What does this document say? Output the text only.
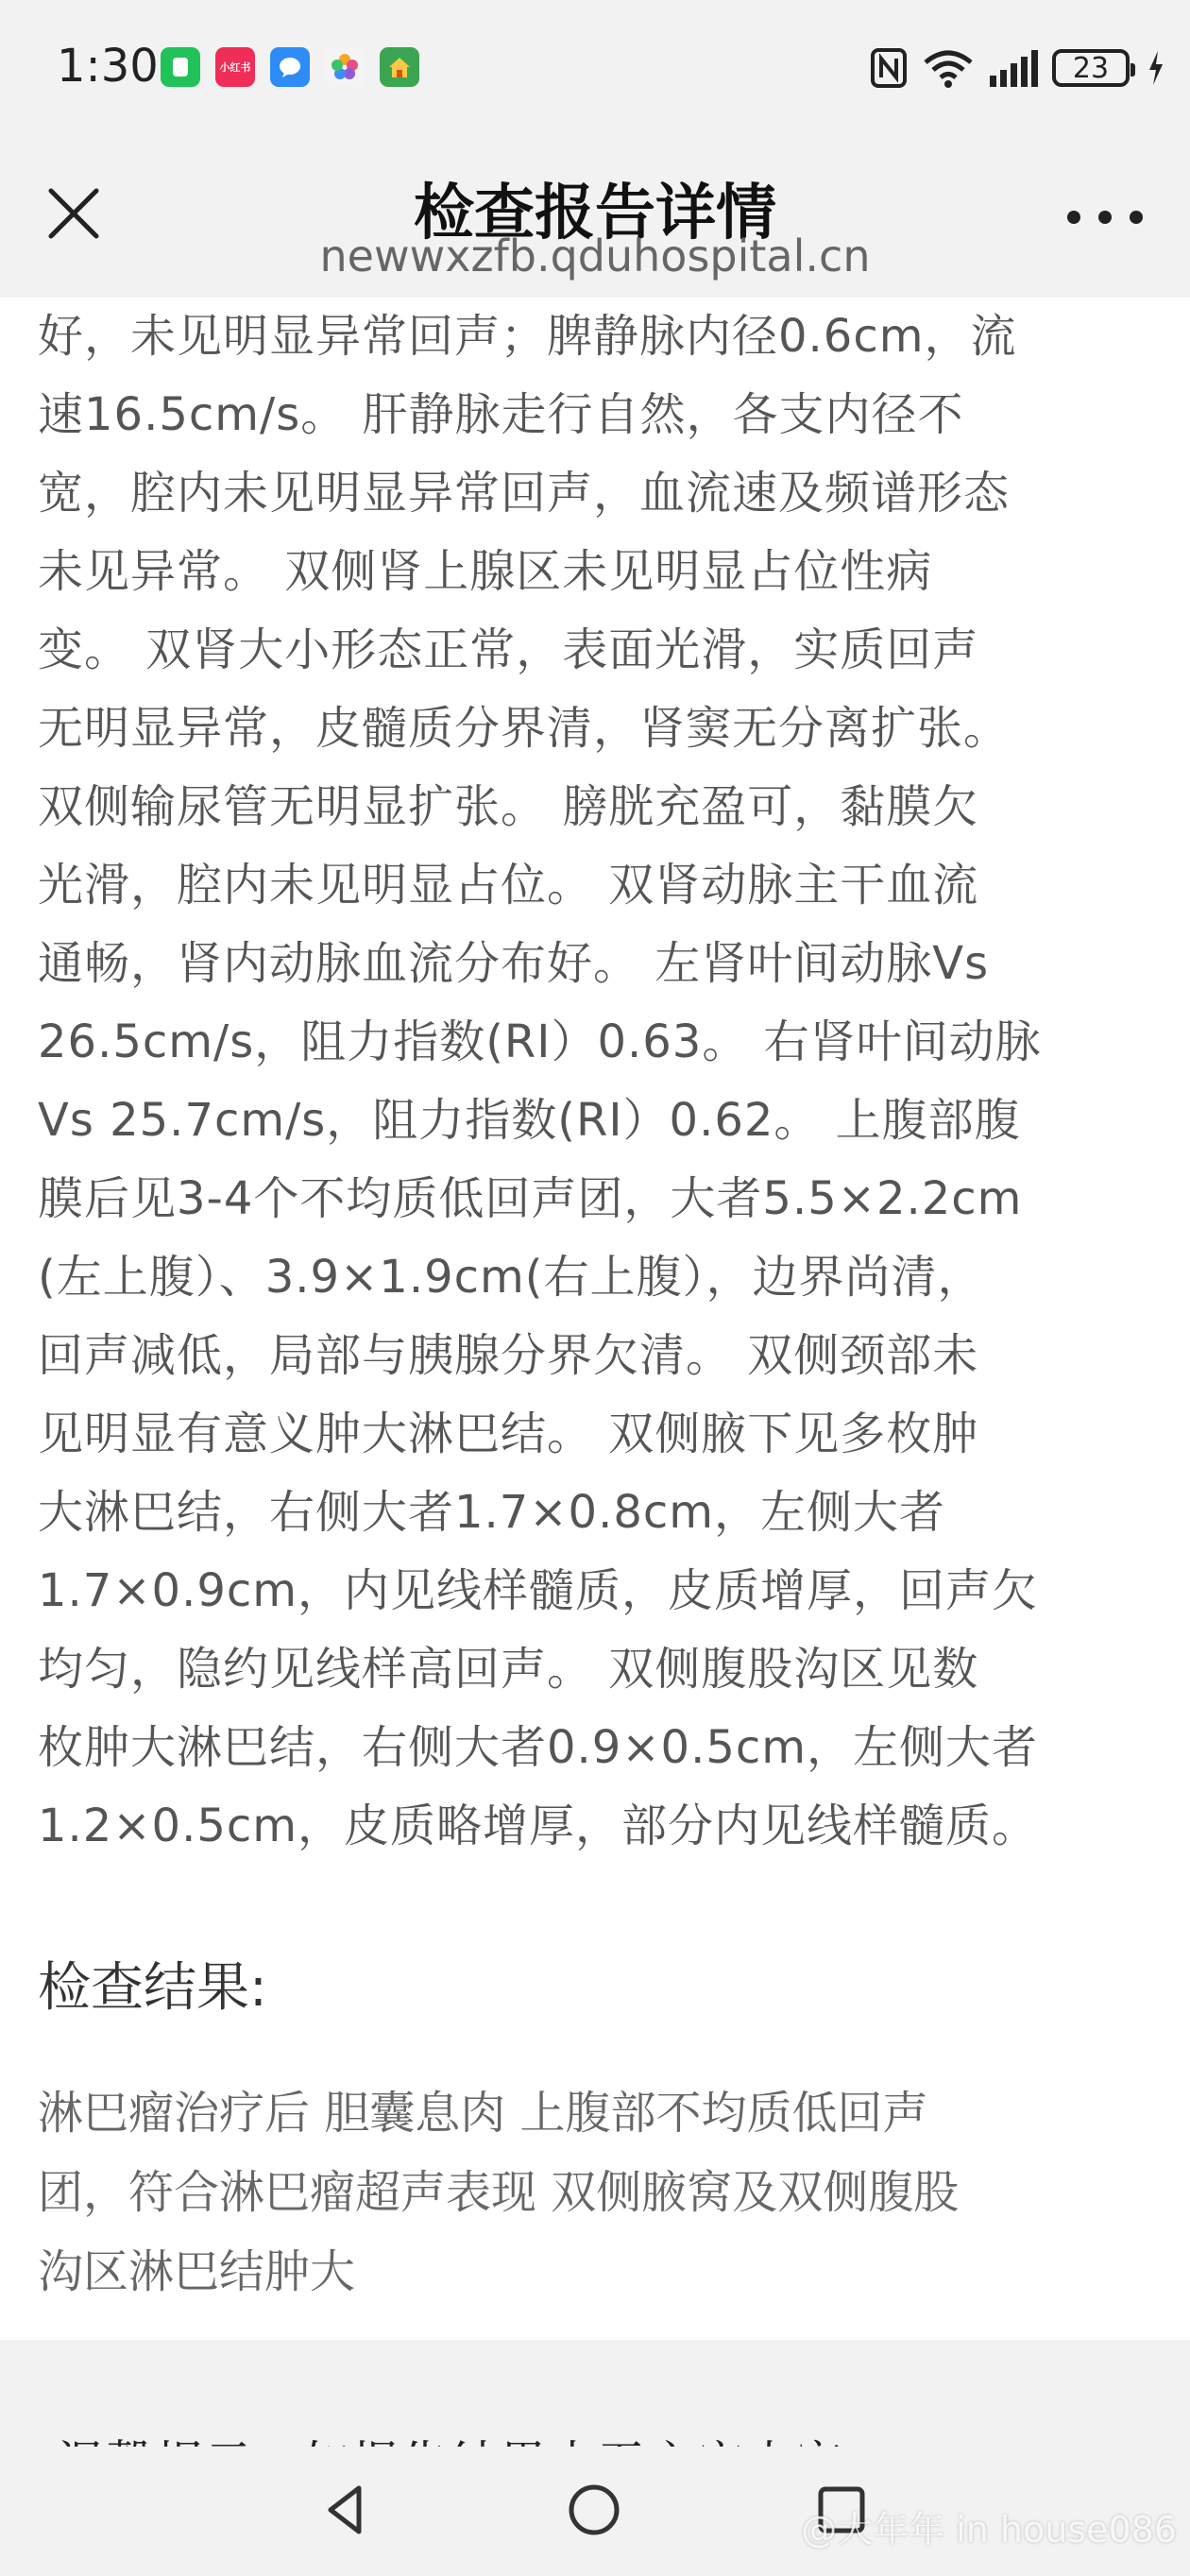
1:30	小红书	23
检查报告详情
newwxzfb.qduhospital.cn
好，未见明显异常回声；脾静脉内径0.6cm，流
速16.5cm/s。 肝静脉走行自然，各支内径不
宽，腔内未见明显异常回声，血流速及频谱形态
未见异常。 双侧肾上腺区未见明显占位性病
变。 双肾大小形态正常，表面光滑，实质回声
无明显异常，皮髓质分界清，肾窦无分离扩张。
双侧输尿管无明显扩张。 膀胱充盈可，黏膜欠
光滑，腔内未见明显占位。 双肾动脉主干血流
通畅，肾内动脉血流分布好。 左肾叶间动脉Vs
26.5cm/s，阻力指数(RI）0.63。 右肾叶间动脉
Vs 25.7cm/s，阻力指数(RI）0.62。 上腹部腹
膜后见3-4个不均质低回声团，大者5.5×2.2cm
(左上腹）、3.9×1.9cm(右上腹），边界尚清，
回声减低，局部与胰腺分界欠清。 双侧颈部未
见明显有意义肿大淋巴结。 双侧腋下见多枚肿
大淋巴结，右侧大者1.7×0.8cm，左侧大者
1.7×0.9cm，内见线样髓质，皮质增厚，回声欠
均匀，隐约见线样高回声。 双侧腹股沟区见数
枚肿大淋巴结，右侧大者0.9×0.5cm，左侧大者
1.2×0.5cm，皮质略增厚，部分内见线样髓质。
检查结果:
淋巴瘤治疗后 胆囊息肉 上腹部不均质低回声
团，符合淋巴瘤超声表现 双侧腋窝及双侧腹股
沟区淋巴结肿大
@大年年 in house086
